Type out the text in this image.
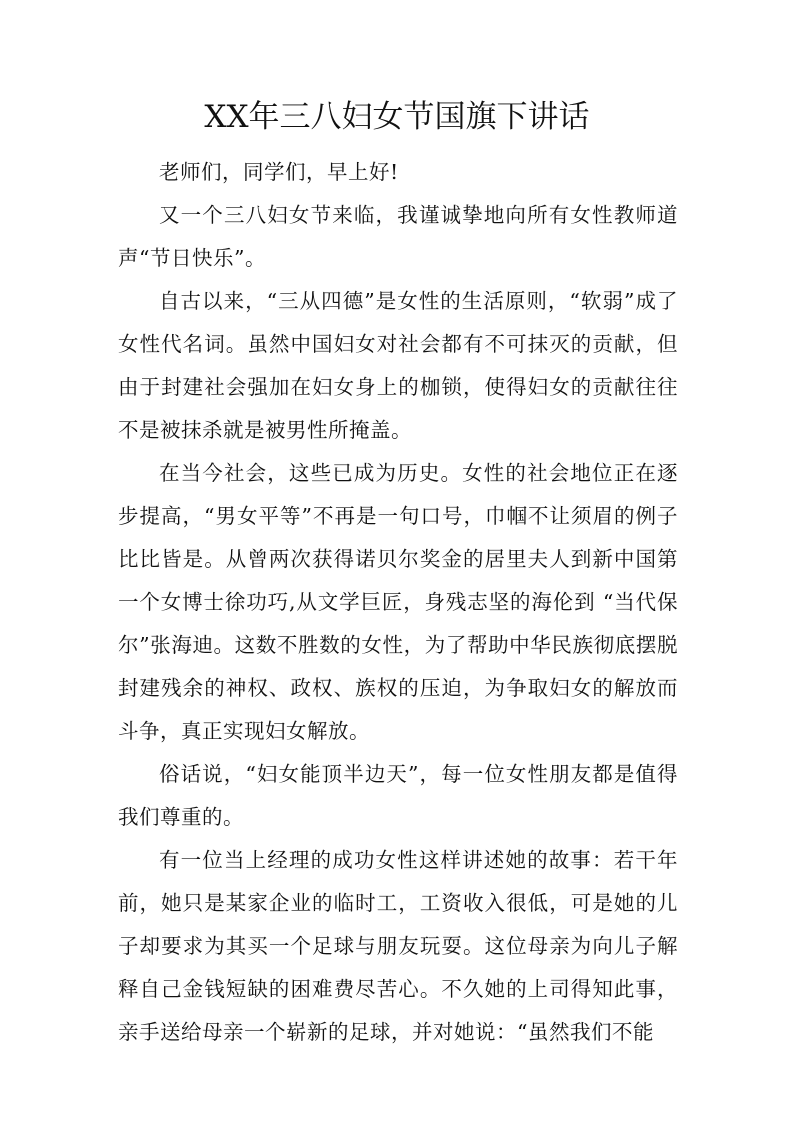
XX年三八妇女节国旗下讲话

老师们，同学们，早上好!

又一个三八妇女节来临，我谨诚挚地向所有女性教师道声“节日快乐”。

自古以来，“三从四德”是女性的生活原则，“软弱”成了女性代名词。虽然中国妇女对社会都有不可抹灭的贡献，但由于封建社会强加在妇女身上的枷锁，使得妇女的贡献往往不是被抹杀就是被男性所掩盖。

在当今社会，这些已成为历史。女性的社会地位正在逐步提高，“男女平等”不再是一句口号，巾帼不让须眉的例子比比皆是。从曾两次获得诺贝尔奖金的居里夫人到新中国第一个女博士徐功巧,从文学巨匠，身残志坚的海伦到 “当代保尔”张海迪。这数不胜数的女性，为了帮助中华民族彻底摆脱封建残余的神权、政权、族权的压迫，为争取妇女的解放而斗争，真正实现妇女解放。

俗话说，“妇女能顶半边天”，每一位女性朋友都是值得我们尊重的。

有一位当上经理的成功女性这样讲述她的故事：若干年前，她只是某家企业的临时工，工资收入很低，可是她的儿子却要求为其买一个足球与朋友玩耍。这位母亲为向儿子解释自己金钱短缺的困难费尽苦心。不久她的上司得知此事，亲手送给母亲一个崭新的足球，并对她说：“虽然我们不能
